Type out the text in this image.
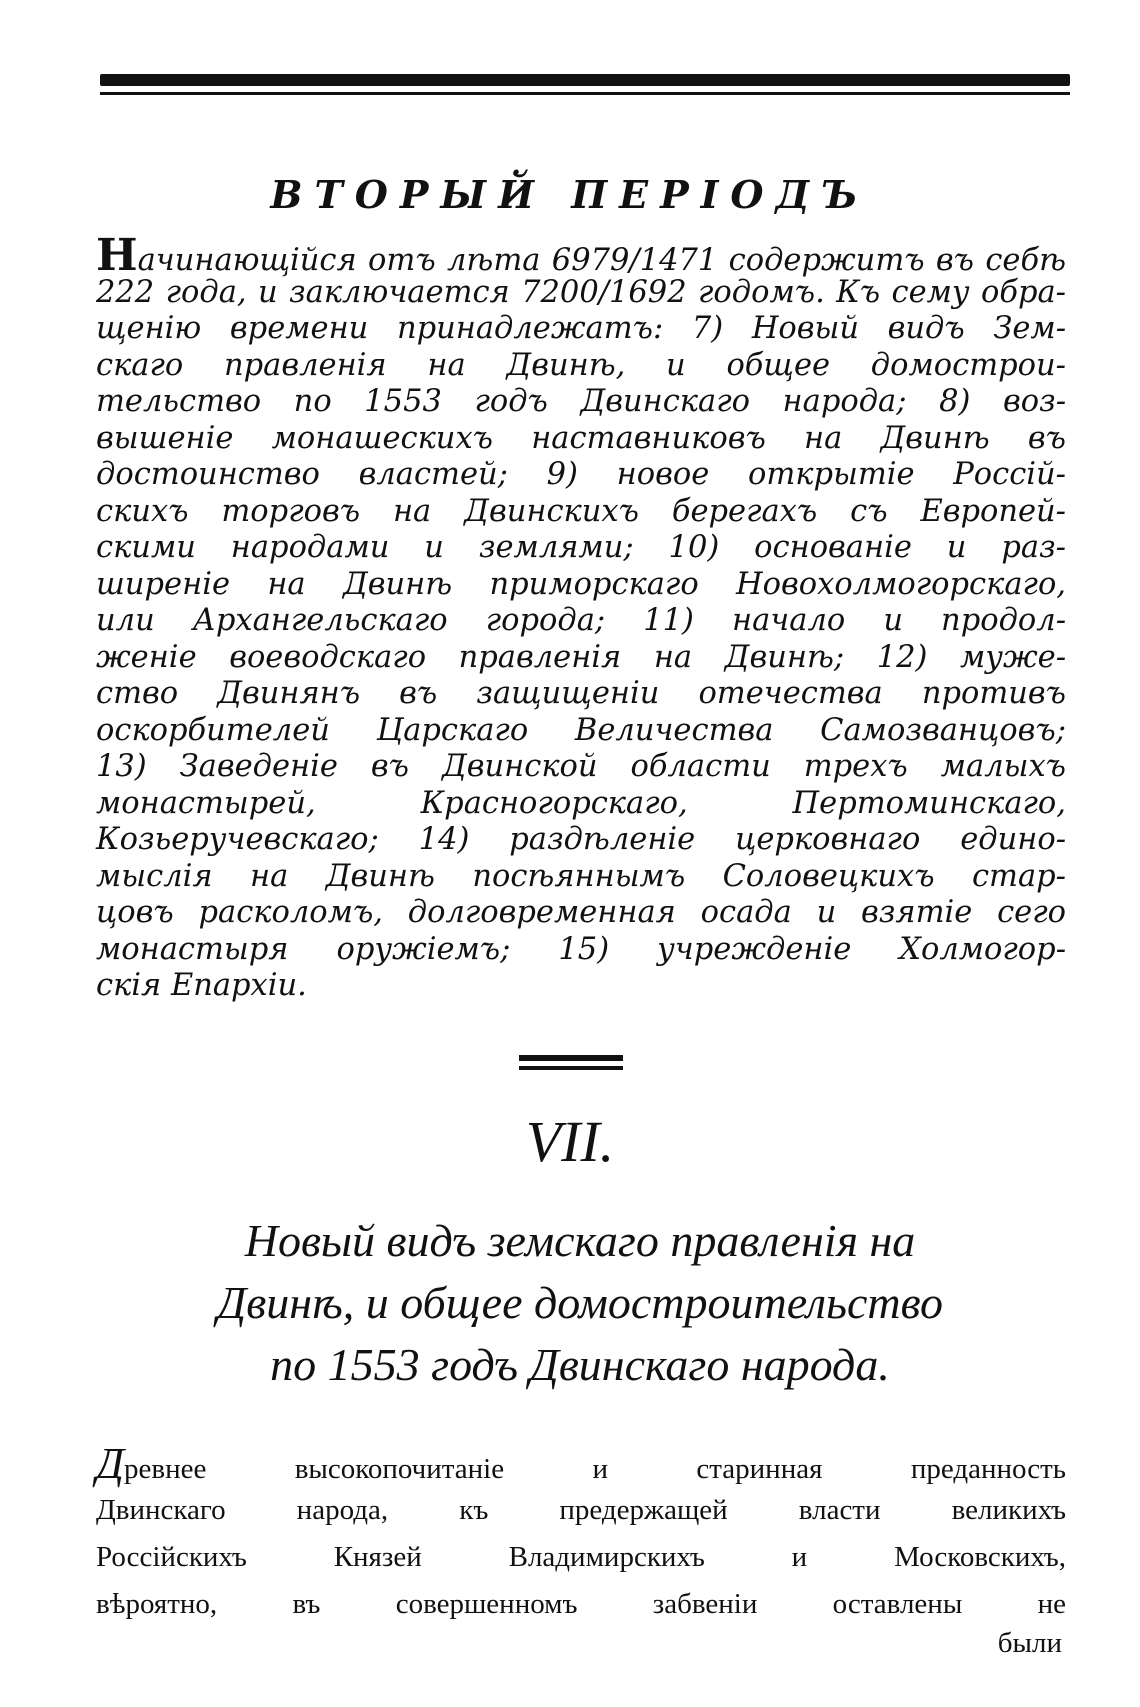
ВТОРЫЙ ПЕРІОДЪ
Начинающійся отъ лѣта 6979/1471 содержитъ въ себѣ
222 года, и заключается 7200/1692 годомъ. Къ сему обра-
щенію времени принадлежатъ: 7) Новый видъ Зем-
скаго правленія на Двинѣ, и общее домострои-
тельство по 1553 годъ Двинскаго народа; 8) воз-
вышеніе монашескихъ наставниковъ на Двинѣ въ
достоинство властей; 9) новое открытіе Россій-
скихъ торговъ на Двинскихъ берегахъ съ Европей-
скими народами и землями; 10) основаніе и раз-
ширеніе на Двинѣ приморскаго Новохолмогорскаго,
или Архангельскаго города; 11) начало и продол-
женіе воеводскаго правленія на Двинѣ; 12) муже-
ство Двинянъ въ защищеніи отечества противъ
оскорбителей Царскаго Величества Самозванцовъ;
13) Заведеніе въ Двинской области трехъ малыхъ
монастырей, Красногорскаго, Пертоминскаго,
Козьеручевскаго; 14) раздѣленіе церковнаго едино-
мыслія на Двинѣ посѣяннымъ Соловецкихъ стар-
цовъ расколомъ, долговременная осада и взятіе сего
монастыря оружіемъ; 15) учрежденіе Холмогор-
скія Епархіи.
VII.
Новый видъ земскаго правленія на
Двинѣ, и общее домостроительство
по 1553 годъ Двинскаго народа.
Древнее высокопочитаніе и старинная преданность
Двинскаго народа, къ предержащей власти великихъ
Россійскихъ Князей Владимирскихъ и Московскихъ,
вѣроятно, въ совершенномъ забвеніи оставлены не
были
